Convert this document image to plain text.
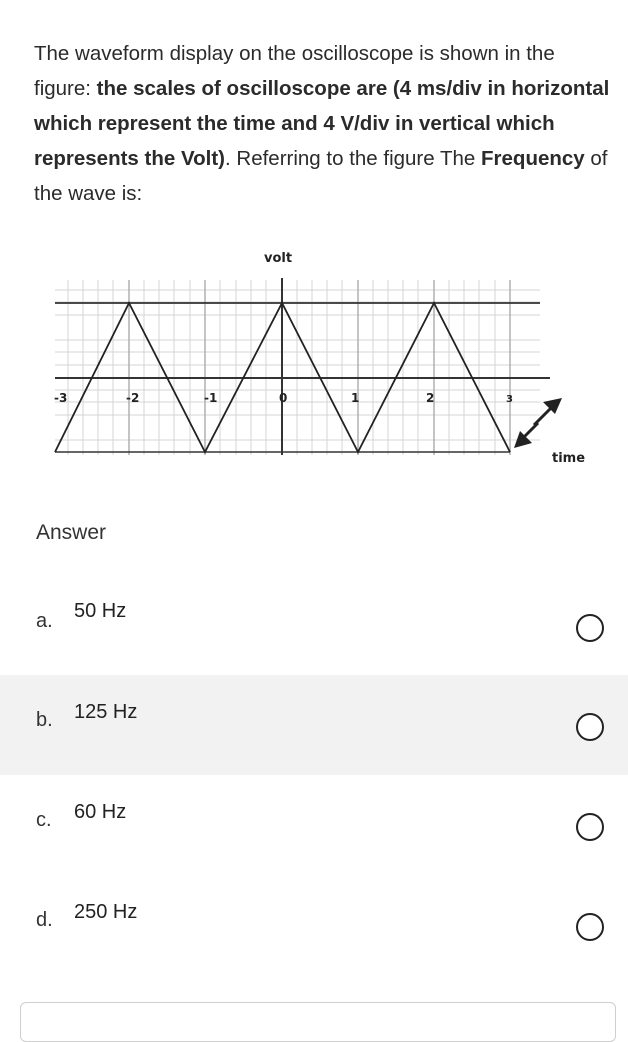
The waveform display on the oscilloscope is shown in the figure: the scales of oscilloscope are (4 ms/div in horizontal which represent the time and 4 V/div in vertical which represents the Volt). Referring to the figure The Frequency of the wave is:
volt
time
-3	-2	-1	0	1	2	3
Answer
a. 50 Hz
b. 125 Hz
c. 60 Hz
d. 250 Hz
